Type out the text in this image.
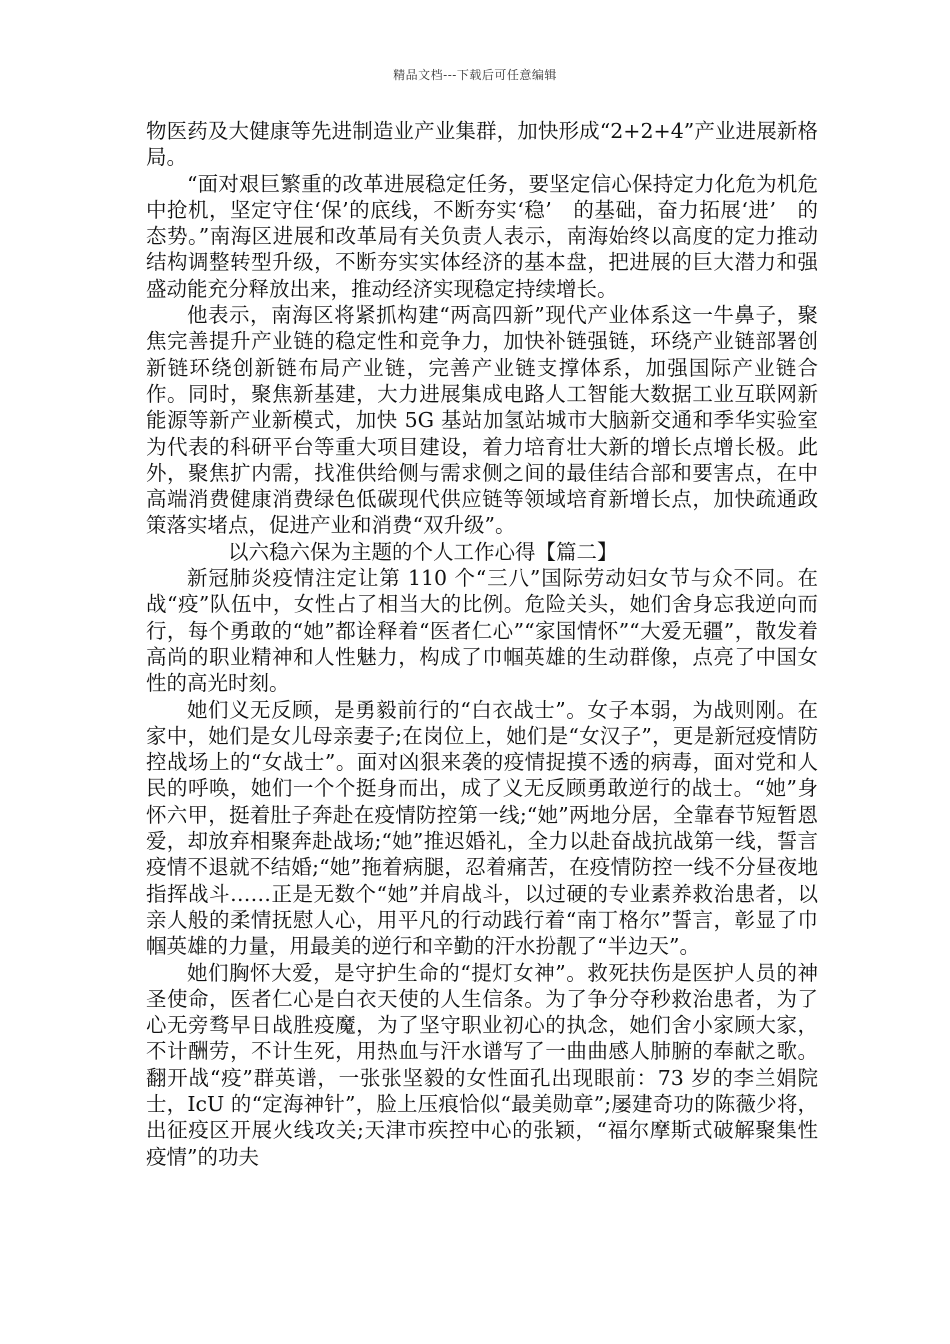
精品文档---下载后可任意编辑

物医药及大健康等先进制造业产业集群，加快形成“2+2+4”产业进展新格局。

“面对艰巨繁重的改革进展稳定任务，要坚定信心保持定力化危为机危中抢机，坚定守住‘保’的底线，不断夯实‘稳’　的基础，奋力拓展‘进’　的态势。”南海区进展和改革局有关负责人表示，南海始终以高度的定力推动结构调整转型升级，不断夯实实体经济的基本盘，把进展的巨大潜力和强盛动能充分释放出来，推动经济实现稳定持续增长。

他表示，南海区将紧抓构建“两高四新”现代产业体系这一牛鼻子，聚焦完善提升产业链的稳定性和竞争力，加快补链强链，环绕产业链部署创新链环绕创新链布局产业链，完善产业链支撑体系，加强国际产业链合作。同时，聚焦新基建，大力进展集成电路人工智能大数据工业互联网新能源等新产业新模式，加快 5G 基站加氢站城市大脑新交通和季华实验室为代表的科研平台等重大项目建设，着力培育壮大新的增长点增长极。此外，聚焦扩内需，找准供给侧与需求侧之间的最佳结合部和要害点，在中高端消费健康消费绿色低碳现代供应链等领域培育新增长点，加快疏通政策落实堵点，促进产业和消费“双升级”。

以六稳六保为主题的个人工作心得【篇二】

新冠肺炎疫情注定让第 110 个“三八”国际劳动妇女节与众不同。在战“疫”队伍中，女性占了相当大的比例。危险关头，她们舍身忘我逆向而行，每个勇敢的“她”都诠释着“医者仁心”“家国情怀”“大爱无疆”，散发着高尚的职业精神和人性魅力，构成了巾帼英雄的生动群像，点亮了中国女性的高光时刻。

她们义无反顾，是勇毅前行的“白衣战士”。女子本弱，为战则刚。在家中，她们是女儿母亲妻子;在岗位上，她们是“女汉子”，更是新冠疫情防控战场上的“女战士”。面对凶狠来袭的疫情捉摸不透的病毒，面对党和人民的呼唤，她们一个个挺身而出，成了义无反顾勇敢逆行的战士。“她”身怀六甲，挺着肚子奔赴在疫情防控第一线;“她”两地分居，全靠春节短暂恩爱，却放弃相聚奔赴战场;“她”推迟婚礼，全力以赴奋战抗战第一线，誓言疫情不退就不结婚;“她”拖着病腿，忍着痛苦，在疫情防控一线不分昼夜地指挥战斗……正是无数个“她”并肩战斗，以过硬的专业素养救治患者，以亲人般的柔情抚慰人心，用平凡的行动践行着“南丁格尔”誓言，彰显了巾帼英雄的力量，用最美的逆行和辛勤的汗水扮靓了“半边天”。

她们胸怀大爱，是守护生命的“提灯女神”。救死扶伤是医护人员的神圣使命，医者仁心是白衣天使的人生信条。为了争分夺秒救治患者，为了心无旁骛早日战胜疫魔，为了坚守职业初心的执念，她们舍小家顾大家，不计酬劳，不计生死，用热血与汗水谱写了一曲曲感人肺腑的奉献之歌。翻开战“疫”群英谱，一张张坚毅的女性面孔出现眼前：73 岁的李兰娟院士，IcU 的“定海神针”，脸上压痕恰似“最美勋章”;屡建奇功的陈薇少将，出征疫区开展火线攻关;天津市疾控中心的张颖，“福尔摩斯式破解聚集性疫情”的功夫
